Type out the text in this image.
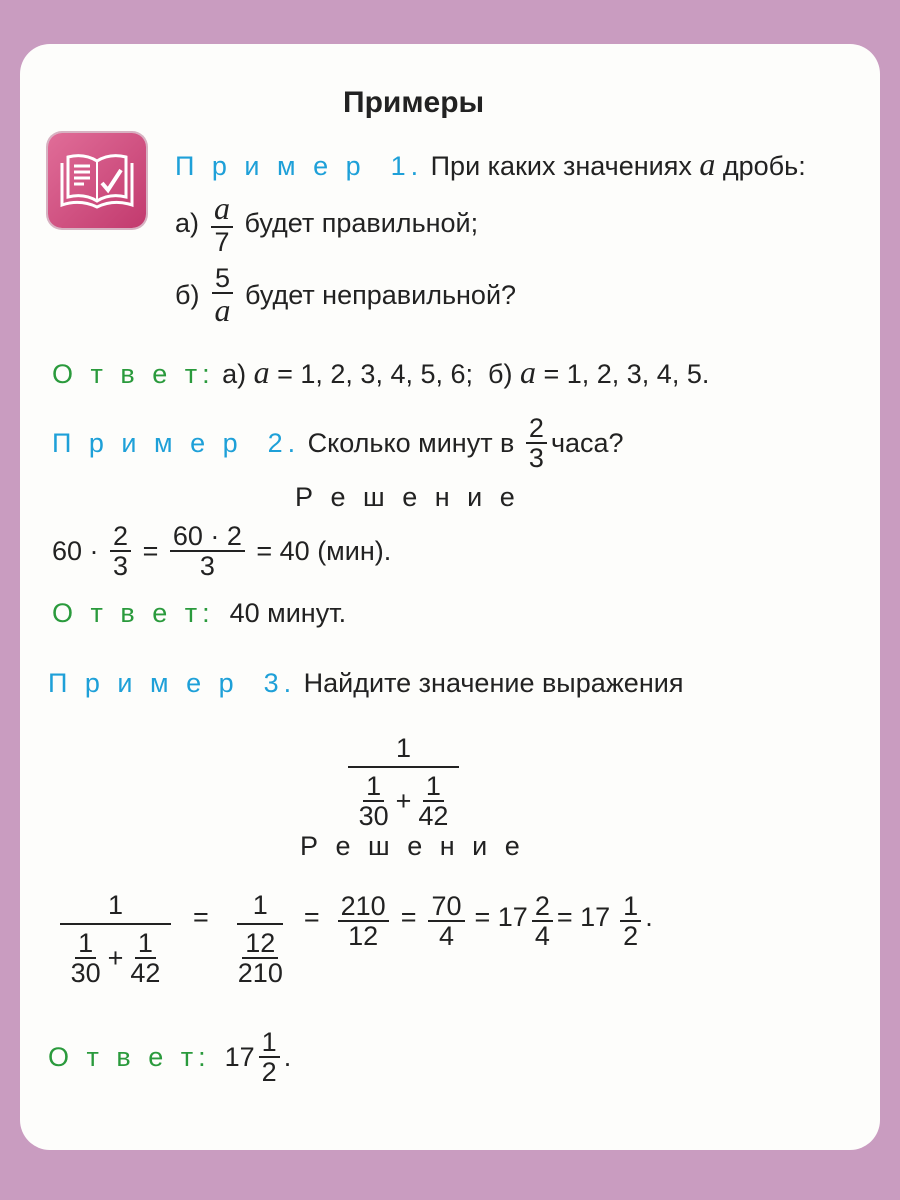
Примеры
П р и м е р  1. При каких значениях a дробь:
$а) \frac{a}{7}$ будет правильной;
$б) \frac{5}{a}$ будет неправильной?
О т в е т: а) a = 1, 2, 3, 4, 5, 6;  б) a = 1, 2, 3, 4, 5.
П р и м е р  2. Сколько минут в $\frac{2}{3}$ часа?
Р е ш е н и е
$60 \cdot \frac{2}{3} = \frac{60 \cdot 2}{3} = 40$ (мин).
О т в е т:  40 минут.
П р и м е р  3. Найдите значение выражения

$\frac{1}{\frac{1}{30} + \frac{1}{42}}$

Р е ш е н и е
$\frac{1}{\frac{1}{30} + \frac{1}{42}} = \frac{1}{\frac{12}{210}} = \frac{210}{12} = \frac{70}{4} = 17 \frac{2}{4} = 17 \frac{1}{2}$ .
О т в е т: $17 \frac{1}{2}$ .
